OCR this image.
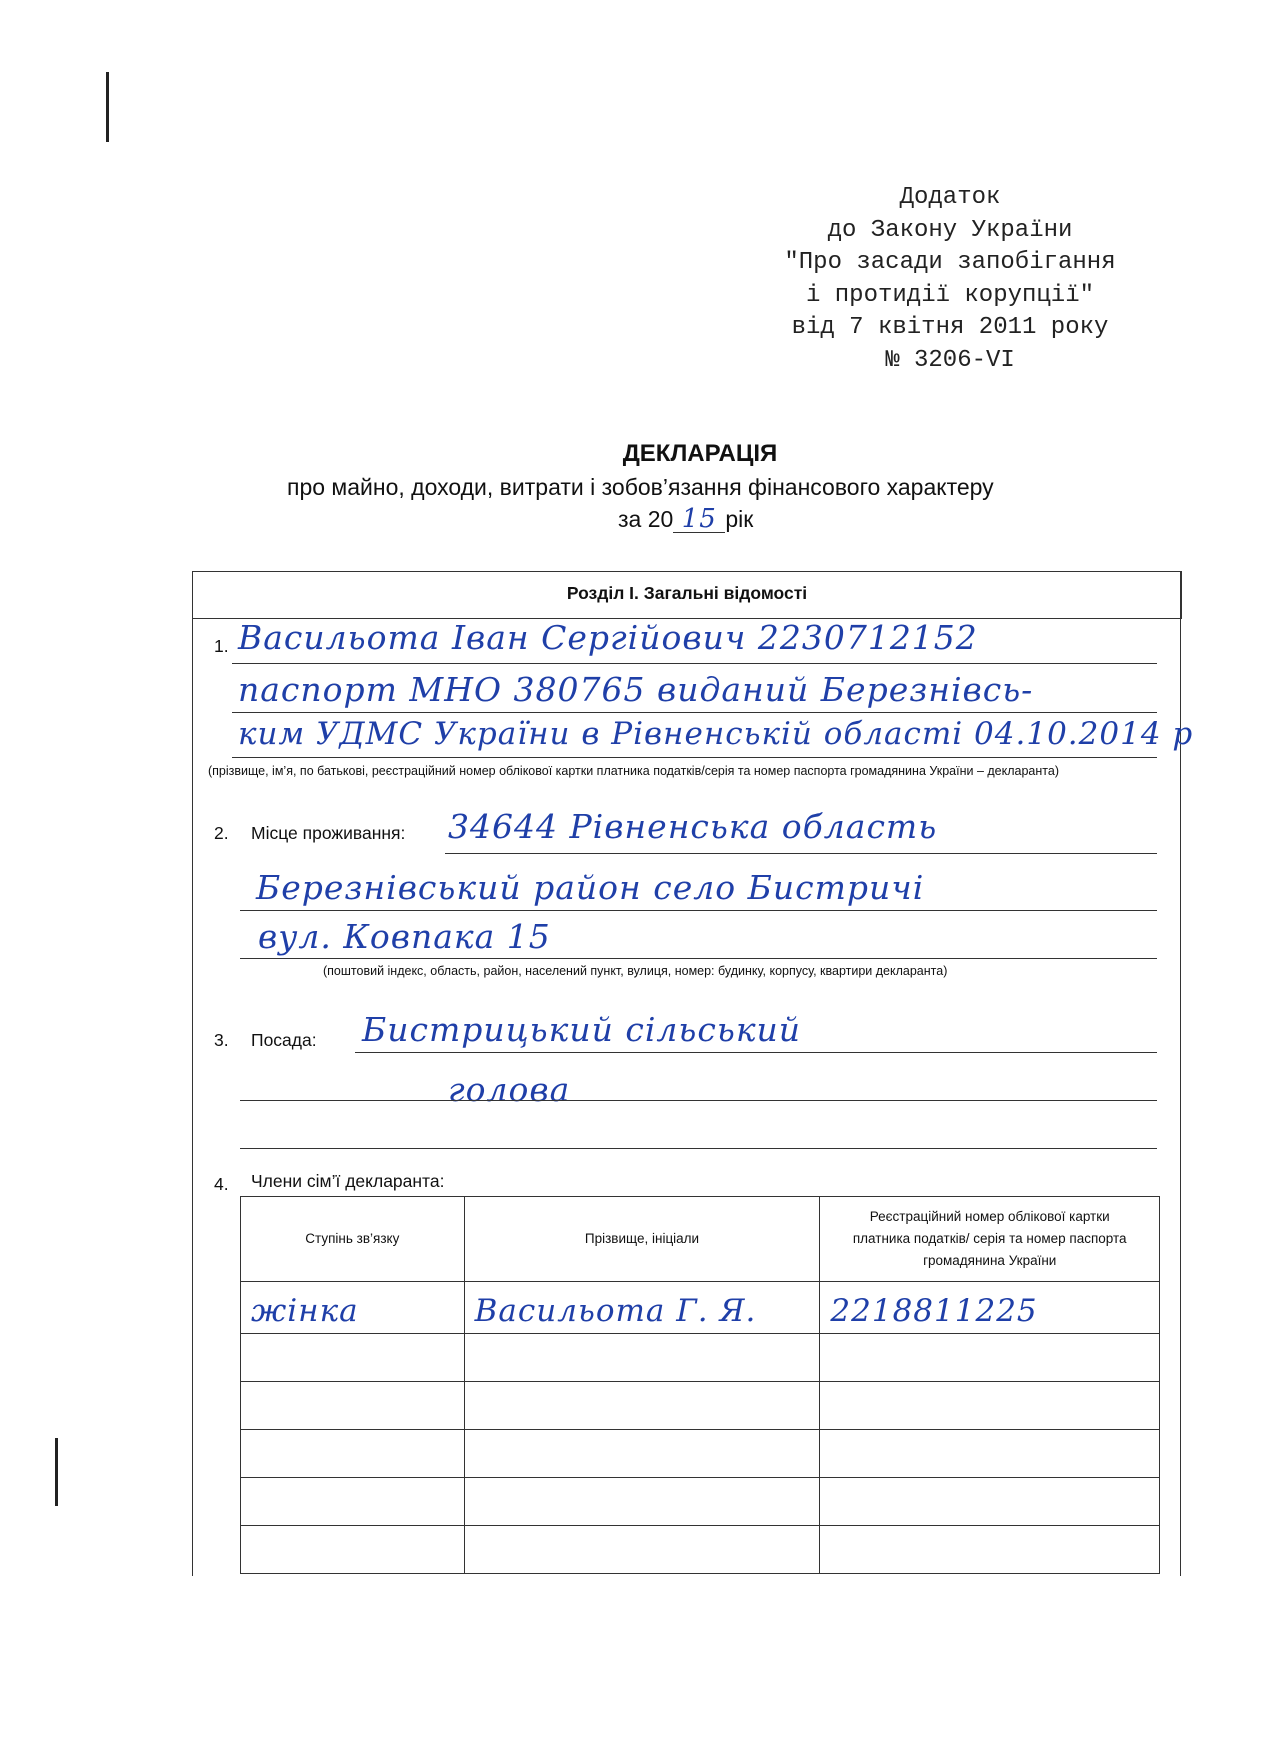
Додаток
до Закону України
"Про засади запобігання
і протидії корупції"
від 7 квітня 2011 року
№ 3206-VI
ДЕКЛАРАЦІЯ
про майно, доходи, витрати і зобов’язання фінансового характеру
за 20 15 рік
Розділ I. Загальні відомості
1. Васильота Іван Сергійович 2230712152
паспорт МНО 380765 виданий Березнівсь-
ким УДМС України в Рівненській області 04.10.2014 р
(прізвище, ім’я, по батькові, реєстраційний номер облікової картки платника податків/серія та номер паспорта громадянина України – декларанта)
2. Місце проживання: 34644 Рівненська область
Березнівський район село Бистричі
вул. Ковпака 15
(поштовий індекс, область, район, населений пункт, вулиця, номер: будинку, корпусу, квартири декларанта)
3. Посада: Бистрицький сільський
голова
4. Члени сім’ї декларанта:
Ступінь зв’язку	Прізвище, ініціали	Реєстраційний номер облікової картки платника податків/ серія та номер паспорта громадянина України
жінка	Васильота Г. Я.	2218811225
